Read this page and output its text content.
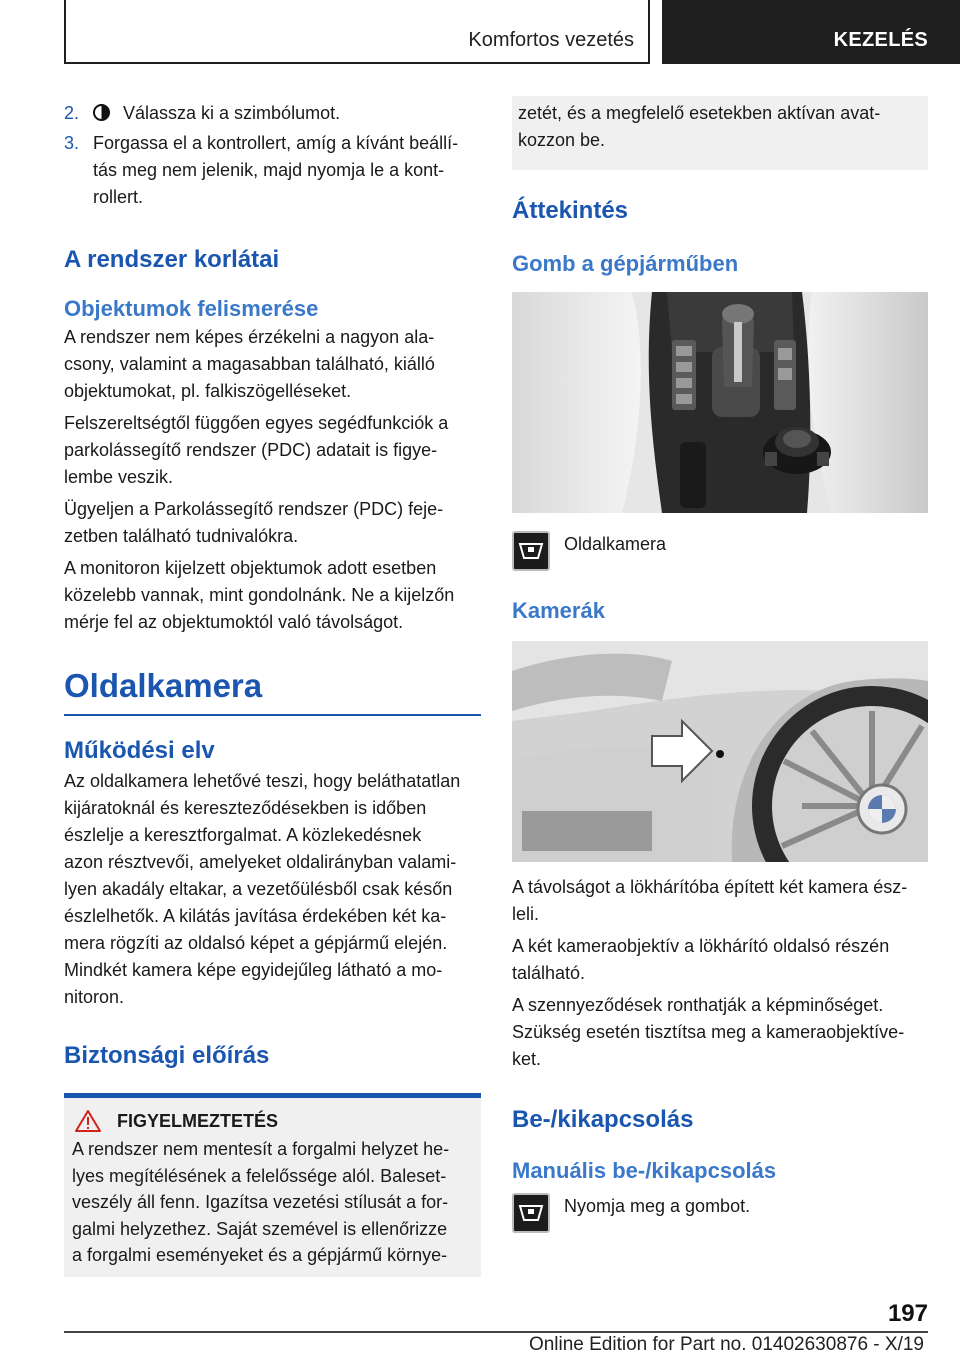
Komfortos vezetés	KEZELÉS
2.	Válassza ki a szimbólumot.
3. Forgassa el a kontrollert, amíg a kívánt beállí-
tás meg nem jelenik, majd nyomja le a kont-
rollert.
A rendszer korlátai
Objektumok felismerése

A rendszer nem képes érzékelni a nagyon ala-
csony, valamint a magasabban található, kiálló
objektumokat, pl. falkiszögelléseket.

Felszereltségtől függően egyes segédfunkciók a
parkolássegítő rendszer (PDC) adatait is figye-
lembe veszik.

Ügyeljen a Parkolássegítő rendszer (PDC) feje-
zetben található tudnivalókra.

A monitoron kijelzett objektumok adott esetben
közelebb vannak, mint gondolnánk. Ne a kijelzőn
mérje fel az objektumoktól való távolságot.

Oldalkamera
Működési elv

Az oldalkamera lehetővé teszi, hogy beláthatatlan
kijáratoknál és kereszteződésekben is időben
észlelje a keresztforgalmat. A közlekedésnek
azon résztvevői, amelyeket oldalirányban valami-
lyen akadály eltakar, a vezetőülésből csak későn
észlelhetők. A kilátás javítása érdekében két ka-
mera rögzíti az oldalsó képet a gépjármű elején.
Mindkét kamera képe egyidejűleg látható a mo-
nitoron.

Biztonsági előírás
FIGYELMEZTETÉS

A rendszer nem mentesít a forgalmi helyzet he-
lyes megítélésének a felelőssége alól. Baleset-
veszély áll fenn. Igazítsa vezetési stílusát a for-
galmi helyzethez. Saját szemével is ellenőrizze
a forgalmi eseményeket és a gépjármű környe-

zetét, és a megfelelő esetekben aktívan avat-
kozzon be.

Áttekintés
Gomb a gépjárműben
Oldalkamera
Kamerák

A távolságot a lökhárítóba épített két kamera ész-
leli.

A két kameraobjektív a lökhárító oldalsó részén
található.

A szennyeződések ronthatják a képminőséget.
Szükség esetén tisztítsa meg a kameraobjektíve-
ket.

Be-/kikapcsolás
Manuális be-/kikapcsolás
Nyomja meg a gombot.
197
Online Edition for Part no. 01402630876 - X/19
